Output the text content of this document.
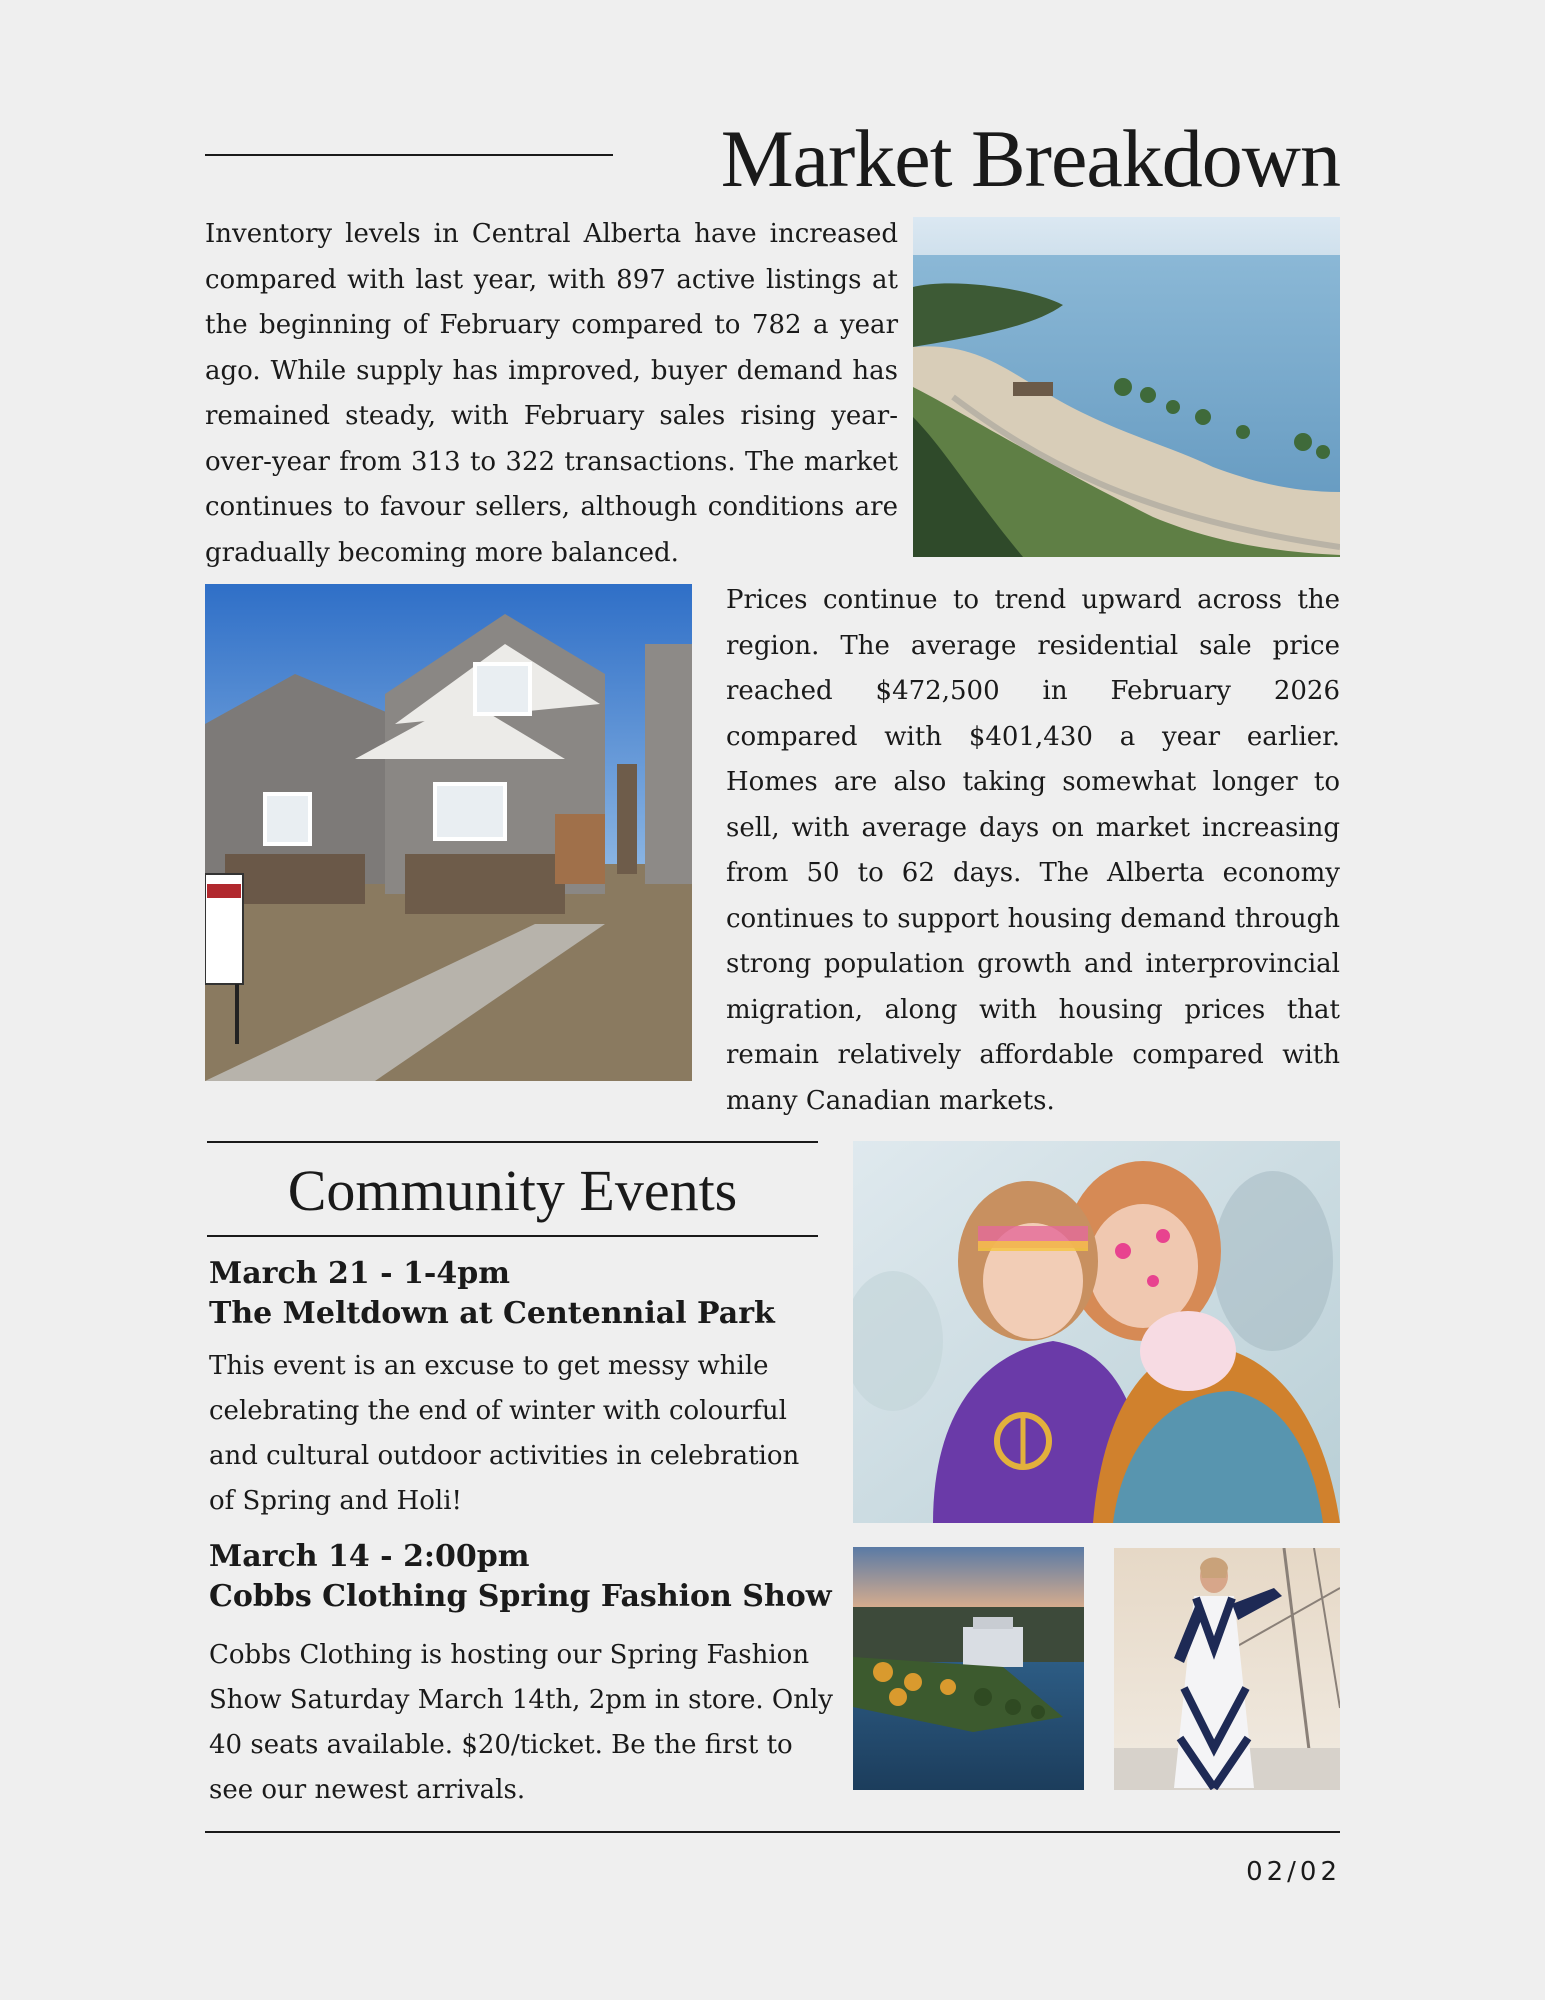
Market Breakdown

Inventory levels in Central Alberta have increased compared with last year, with 897 active listings at the beginning of February compared to 782 a year ago. While supply has improved, buyer demand has remained steady, with February sales rising year-over-year from 313 to 322 transactions. The market continues to favour sellers, although conditions are gradually becoming more balanced.

Prices continue to trend upward across the region. The average residential sale price reached $472,500 in February 2026 compared with $401,430 a year earlier. Homes are also taking somewhat longer to sell, with average days on market increasing from 50 to 62 days. The Alberta economy continues to support housing demand through strong population growth and interprovincial migration, along with housing prices that remain relatively affordable compared with many Canadian markets.

Community Events
March 21 - 1-4pm
The Meltdown at Centennial Park

This event is an excuse to get messy while celebrating the end of winter with colourful and cultural outdoor activities in celebration of Spring and Holi!

March 14 - 2:00pm
Cobbs Clothing Spring Fashion Show

Cobbs Clothing is hosting our Spring Fashion Show Saturday March 14th, 2pm in store. Only 40 seats available. $20/ticket. Be the first to see our newest arrivals.

02/02
